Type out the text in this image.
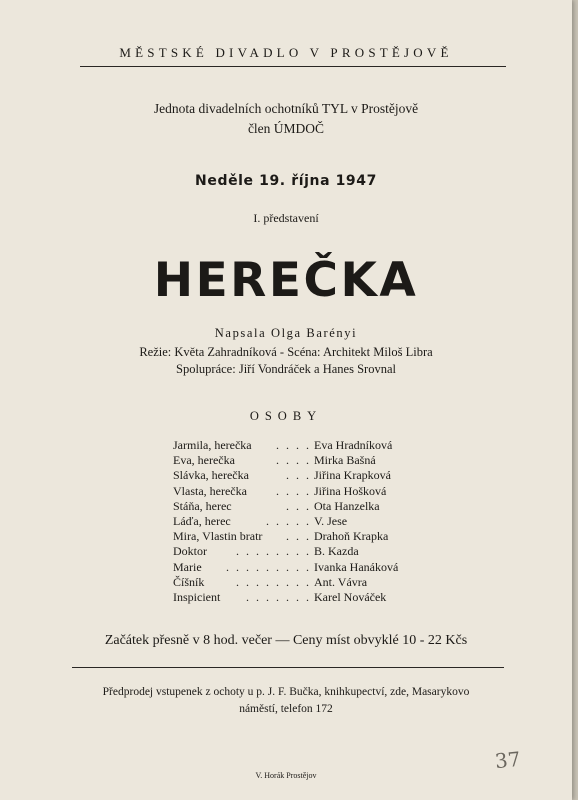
MĚSTSKÉ DIVADLO V PROSTĚJOVĚ
Jednota divadelních ochotníků TYL v Prostějově
člen ÚMDOČ
Neděle 19. října 1947
I. představení
HEREČKA
Napsala Olga Barényi
Režie: Květa Zahradníková - Scéna: Architekt Miloš Libra
Spolupráce: Jiří Vondráček a Hanes Srovnal
OSOBY
. . . .
Jarmila, herečka	Eva Hradníková
. . . .
Eva, herečka	Mirka Bašná
. . .
Slávka, herečka	Jiřina Krapková
. . . .
Vlasta, herečka	Jiřina Hošková
. . .
Stáňa, herec	Ota Hanzelka
. . . . .
Láďa, herec	V. Jese
. . .
Mira, Vlastin bratr	Drahoň Krapka
. . . . . . . .
Doktor	B. Kazda
. . . . . . . . .
Marie	Ivanka Hanáková
. . . . . . . .
Číšník	Ant. Vávra
. . . . . . .
Inspicient	Karel Nováček
Začátek přesně v 8 hod. večer — Ceny míst obvyklé 10 - 22 Kčs
Předprodej vstupenek z ochoty u p. J. F. Bučka, knihkupectví, zde, Masarykovo
náměstí, telefon 172
V. Horák Prostějov
37
